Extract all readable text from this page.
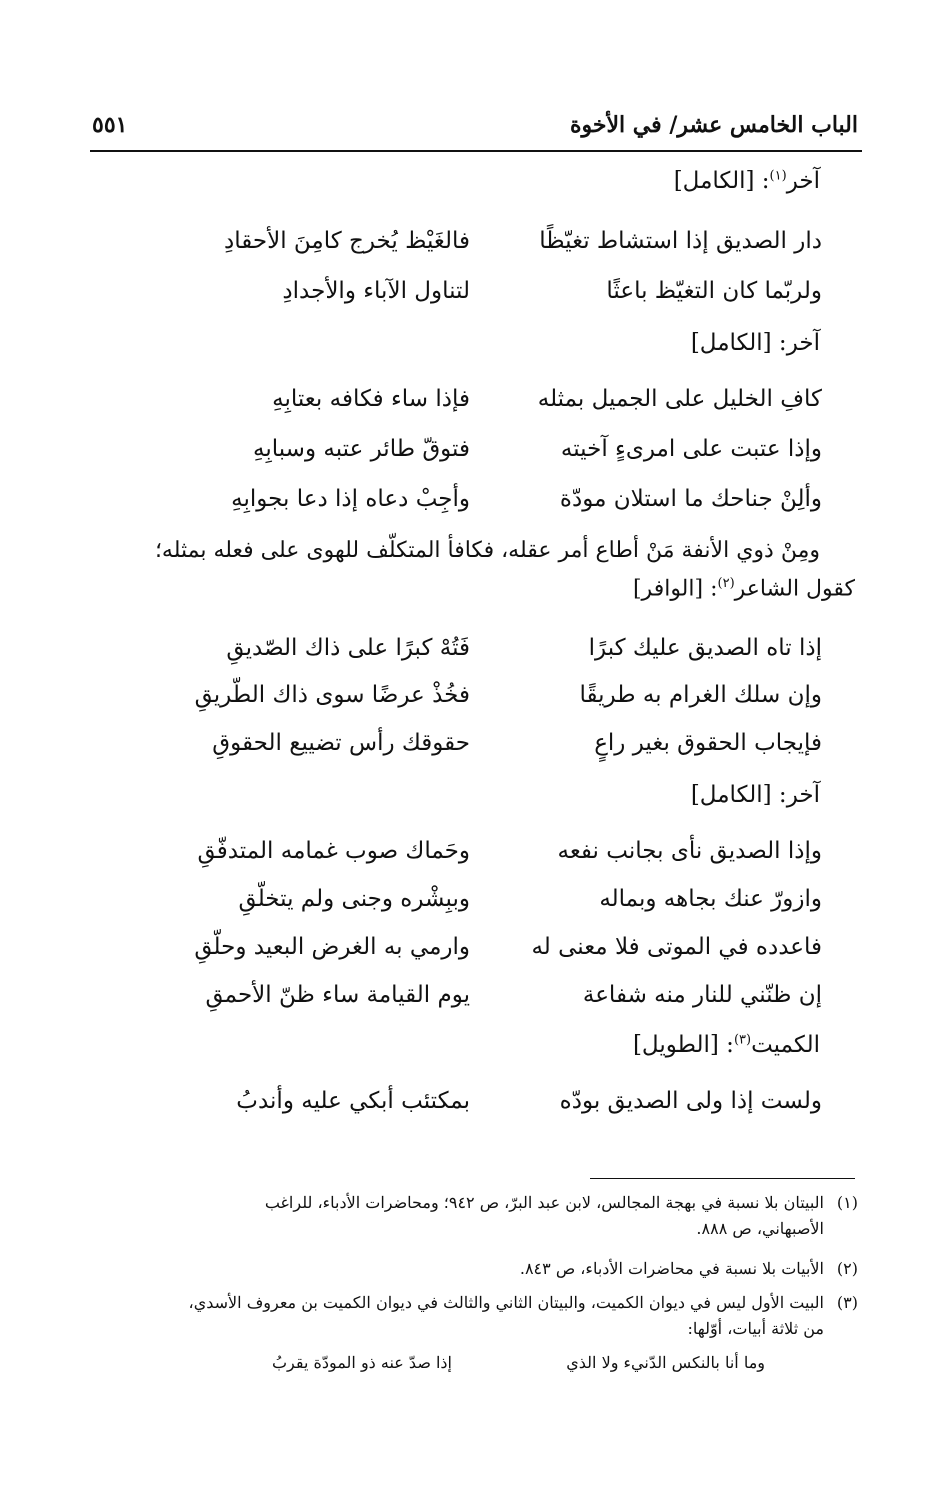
الباب الخامس عشر/ في الأخوة
٥٥١
آخر$^{(١)}$: [الكامل]
دار الصديق إذا استشاط تغيّظًا
فالغَيْظ يُخرج كامِنَ الأحقادِ
ولربّما كان التغيّظ باعثًا
لتناول الآباء والأجدادِ
آخر: [الكامل]
كافِ الخليل على الجميل بمثله
فإذا ساء فكافه بعتابِهِ
وإذا عتبت على امرىءٍ آخيته
فتوقّ طائر عتبه وسبابِهِ
وألِنْ جناحك ما استلان مودّة
وأجِبْ دعاه إذا دعا بجوابِهِ
ومِنْ ذوي الأنفة مَنْ أطاع أمر عقله، فكافأ المتكلّف للهوى على فعله بمثله؛
كقول الشاعر$^{(٢)}$: [الوافر]
إذا تاه الصديق عليك كبرًا
فَتُهْ كبرًا على ذاك الصّديقِ
وإن سلك الغرام به طريقًا
فخُذْ عرضًا سوى ذاك الطّريقِ
فإيجاب الحقوق بغير راعٍ
حقوقك رأس تضييع الحقوقِ
آخر: [الكامل]
وإذا الصديق نأى بجانب نفعه
وحَماك صوب غمامه المتدفّقِ
وازورّ عنك بجاهه وبماله
وببِشْره وجنى ولم يتخلّقِ
فاعدده في الموتى فلا معنى له
وارمي به الغرض البعيد وحلّقِ
إن ظنّني للنار منه شفاعة
يوم القيامة ساء ظنّ الأحمقِ
الكميت$^{(٣)}$: [الطويل]
ولست إذا ولى الصديق بودّه
بمكتئب أبكي عليه وأندبُ
(١)البيتان بلا نسبة في بهجة المجالس، لابن عبد البرّ، ص ٩٤٢؛ ومحاضرات الأدباء، للراغب
الأصبهاني، ص ٨٨٨.
(٢)الأبيات بلا نسبة في محاضرات الأدباء، ص ٨٤٣.
(٣)البيت الأول ليس في ديوان الكميت، والبيتان الثاني والثالث في ديوان الكميت بن معروف الأسدي،
من ثلاثة أبيات، أوّلها:
وما أنا بالنكس الدّنيء ولا الذي
إذا صدّ عنه ذو المودّة يقربُ
